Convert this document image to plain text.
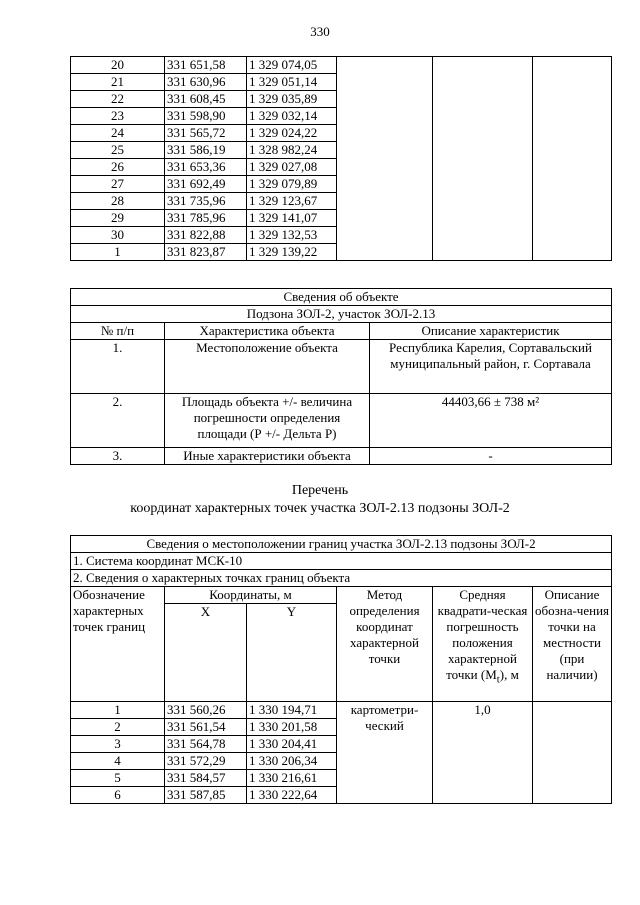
330
20	331 651,58	1 329 074,05			
21	331 630,96	1 329 051,14			
22	331 608,45	1 329 035,89			
23	331 598,90	1 329 032,14			
24	331 565,72	1 329 024,22			
25	331 586,19	1 328 982,24			
26	331 653,36	1 329 027,08			
27	331 692,49	1 329 079,89			
28	331 735,96	1 329 123,67			
29	331 785,96	1 329 141,07			
30	331 822,88	1 329 132,53			
1	331 823,87	1 329 139,22			
Сведения об объекте		
Подзона ЗОЛ-2, участок ЗОЛ-2.13		
№ п/п	Характеристика объекта	Описание характеристик
1.	Местоположение объекта	Республика Карелия, Сортавальский муниципальный район, г. Сортавала
2.	Площадь объекта +/- величина погрешности определения площади (Р +/- Дельта Р)	44403,66 ± 738 м²
3.	Иные характеристики объекта	-
Перечень
координат характерных точек участка ЗОЛ-2.13 подзоны ЗОЛ-2
Сведения о местоположении границ участка ЗОЛ-2.13 подзоны ЗОЛ-2					
1. Система координат МСК-10					
2. Сведения о характерных точках границ объекта					
Обозначение характерных точек границ	Координаты, м		Метод определения координат характерной точки	Средняя квадрати-ческая погрешность положения характерной точки $(M_t)$, м	Описание обозна-чения точки на местности (при наличии)
	X	Y			
1	331 560,26	1 330 194,71	картометри-ческий	1,0	
2	331 561,54	1 330 201,58			
3	331 564,78	1 330 204,41			
4	331 572,29	1 330 206,34			
5	331 584,57	1 330 216,61			
6	331 587,85	1 330 222,64			
